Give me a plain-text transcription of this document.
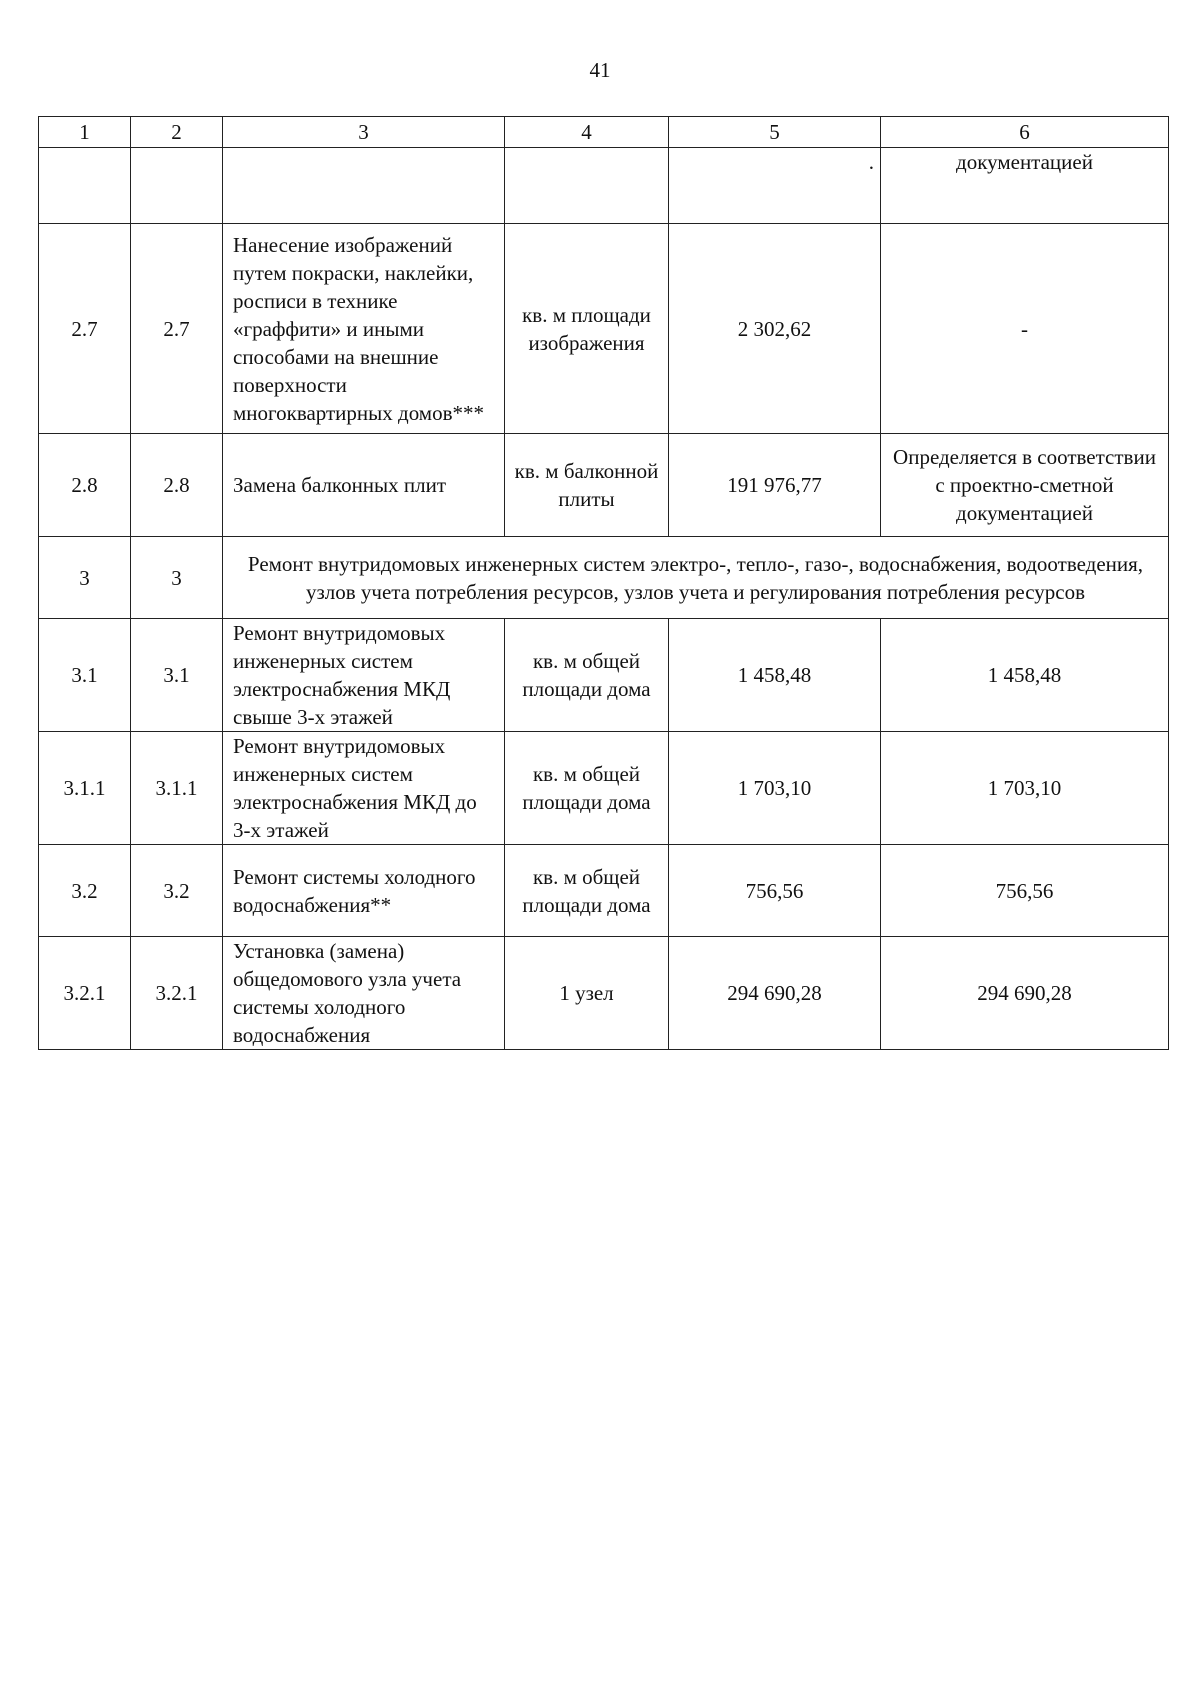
41
1	2	3	4	5	6
				.	документацией
2.7	2.7	Нанесение изображений путем покраски, наклейки, росписи в технике «граффити» и иными способами на внешние поверхности многоквартирных домов***	кв. м площади изображения	2 302,62	-
2.8	2.8	Замена балконных плит	кв. м балконной плиты	191 976,77	Определяется в соответствии с проектно-сметной документацией
3	3	Ремонт внутридомовых инженерных систем электро-, тепло-, газо-, водоснабжения, водоотведения, узлов учета потребления ресурсов, узлов учета и регулирования потребления ресурсов			
3.1	3.1	Ремонт внутридомовых инженерных систем электроснабжения МКД свыше 3-х этажей	кв. м общей площади дома	1 458,48	1 458,48
3.1.1	3.1.1	Ремонт внутридомовых инженерных систем электроснабжения МКД до 3-х этажей	кв. м общей площади дома	1 703,10	1 703,10
3.2	3.2	Ремонт системы холодного водоснабжения**	кв. м общей площади дома	756,56	756,56
3.2.1	3.2.1	Установка (замена) общедомового узла учета системы холодного водоснабжения	1 узел	294 690,28	294 690,28
